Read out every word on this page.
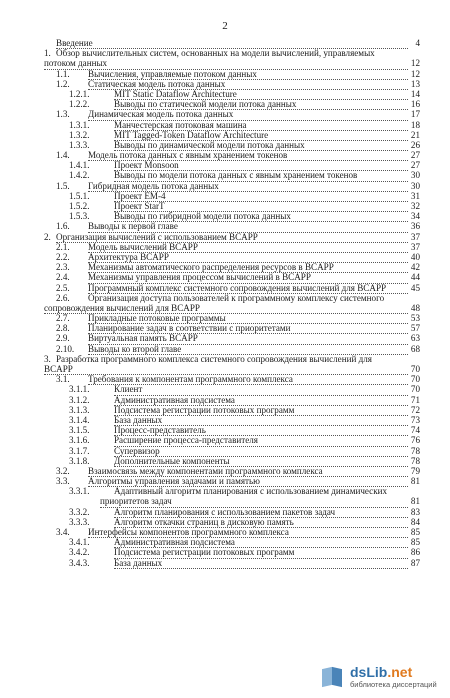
2
Введение	4
1. Обзор вычислительных систем, основанных на модели вычислений, управляемых
потоком данных	12
1.1. Вычисления, управляемые потоком данных	12
1.2. Статическая модель потока данных	13
1.2.1.	MIT Static Dataflow Architecture	14
1.2.2.	Выводы по статической модели потока данных	16
1.3. Динамическая модель потока данных	17
1.3.1.	Манчестерская потоковая машина	18
1.3.2.	MIT Tagged-Token Dataflow Architecture	21
1.3.3.	Выводы по динамической модели потока данных	26
1.4. Модель потока данных с явным хранением токенов	27
1.4.1.	Проект Monsoon	27
1.4.2.	Выводы по модели потока данных с явным хранением токенов	30
1.5. Гибридная модель потока данных	30
1.5.1.	Проект EM-4	31
1.5.2.	Проект StarT	32
1.5.3.	Выводы по гибридной модели потока данных	34
1.6. Выводы к первой главе	36
2. Организация вычислений с использованием BCAPP	37
2.1. Модель вычислений BCAPP	37
2.2. Архитектура BCAPP	40
2.3. Механизмы автоматического распределения ресурсов в BCAPP	42
2.4. Механизмы управления процессом вычислений в BCAPP	44
2.5. Программный комплекс системного сопровождения вычислений для BCAPP	45
2.6. Организация доступа пользователей к программному комплексу системного
сопровождения вычислений для BCAPP	48
2.7. Прикладные потоковые программы	53
2.8. Планирование задач в соответствии с приоритетами	57
2.9. Виртуальная память BCAPP	63
2.10. Выводы ко второй главе	68
3. Разработка программного комплекса системного сопровождения вычислений для
BCAPP	70
3.1. Требования к компонентам программного комплекса	70
3.1.1.	Клиент	70
3.1.2.	Административная подсистема	71
3.1.3.	Подсистема регистрации потоковых программ	72
3.1.4.	База данных	73
3.1.5.	Процесс-представитель	74
3.1.6.	Расширение процесса-представителя	76
3.1.7.	Супервизор	78
3.1.8.	Дополнительные компоненты	78
3.2. Взаимосвязь между компонентами программного комплекса	79
3.3. Алгоритмы управления задачами и памятью	81
3.3.1.	Адаптивный алгоритм планирования с использованием динамических
приоритетов задач	81
3.3.2.	Алгоритм планирования с использованием пакетов задач	83
3.3.3.	Алгоритм откачки страниц в дисковую память	84
3.4. Интерфейсы компонентов программного комплекса	85
3.4.1.	Административная подсистема	85
3.4.2.	Подсистема регистрации потоковых программ	86
3.4.3.	База данных	87
dsLib.net
библиотека диссертаций
